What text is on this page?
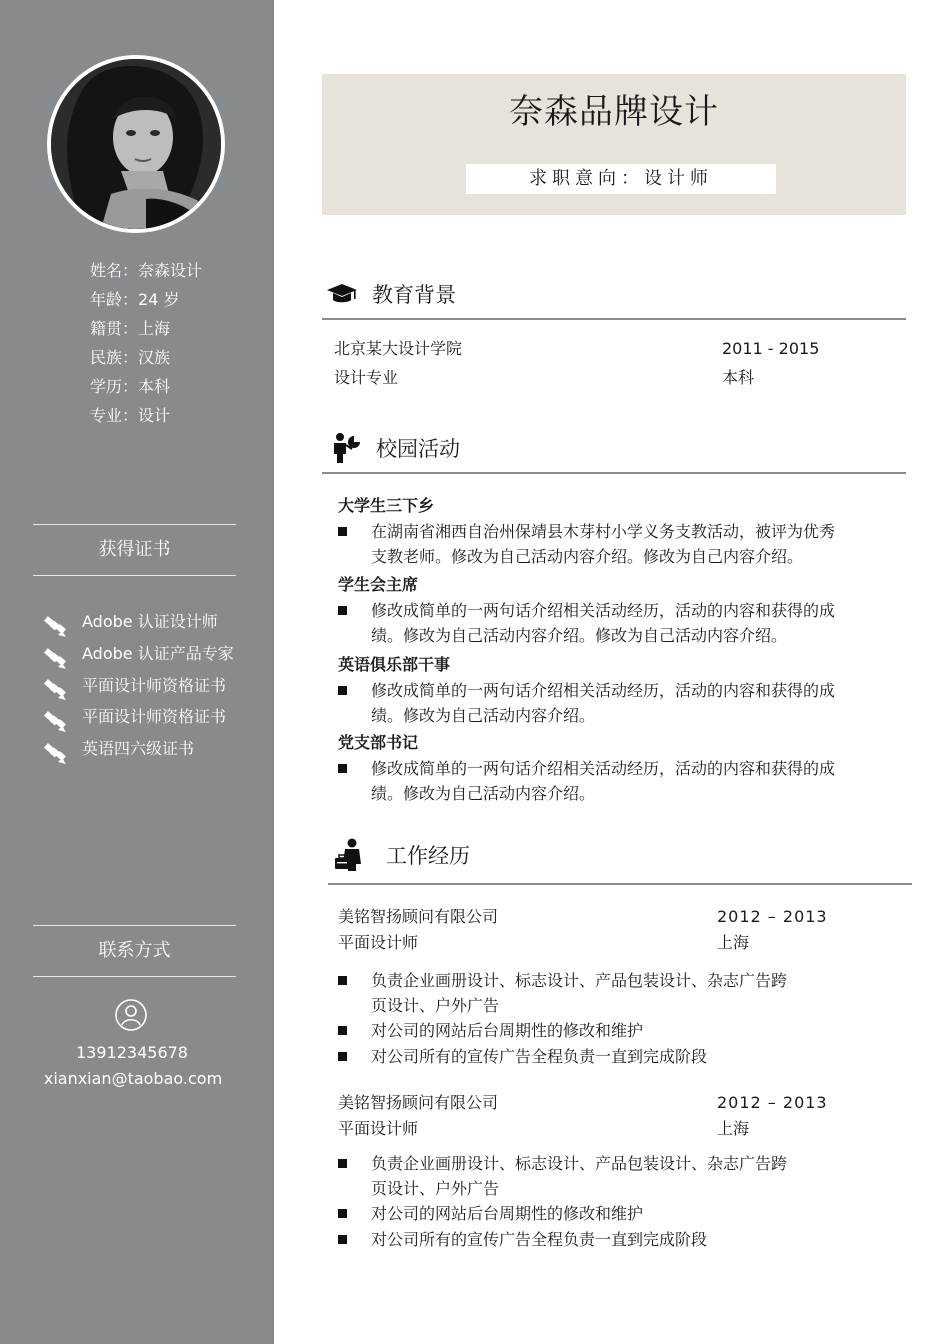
姓名：奈森设计
年龄：24 岁
籍贯：上海
民族：汉族
学历：本科
专业：设计
获得证书
Adobe 认证设计师
Adobe 认证产品专家
平面设计师资格证书
平面设计师资格证书
英语四六级证书
联系方式
13912345678
xianxian@taobao.com
奈森品牌设计
求职意向：设计师
教育背景
北京某大设计学院	2011 - 2015
设计专业	本科
校园活动
大学生三下乡
在湖南省湘西自治州保靖县木芽村小学义务支教活动，被评为优秀支教老师。修改为自己活动内容介绍。修改为自己内容介绍。
学生会主席
修改成简单的一两句话介绍相关活动经历，活动的内容和获得的成绩。修改为自己活动内容介绍。修改为自己活动内容介绍。
英语俱乐部干事
修改成简单的一两句话介绍相关活动经历，活动的内容和获得的成绩。修改为自己活动内容介绍。
党支部书记
修改成简单的一两句话介绍相关活动经历，活动的内容和获得的成绩。修改为自己活动内容介绍。
工作经历
美铭智扬顾问有限公司	2012 – 2013
平面设计师	上海
负责企业画册设计、标志设计、产品包装设计、杂志广告跨页设计、户外广告
对公司的网站后台周期性的修改和维护
对公司所有的宣传广告全程负责一直到完成阶段
美铭智扬顾问有限公司	2012 – 2013
平面设计师	上海
负责企业画册设计、标志设计、产品包装设计、杂志广告跨页设计、户外广告
对公司的网站后台周期性的修改和维护
对公司所有的宣传广告全程负责一直到完成阶段
